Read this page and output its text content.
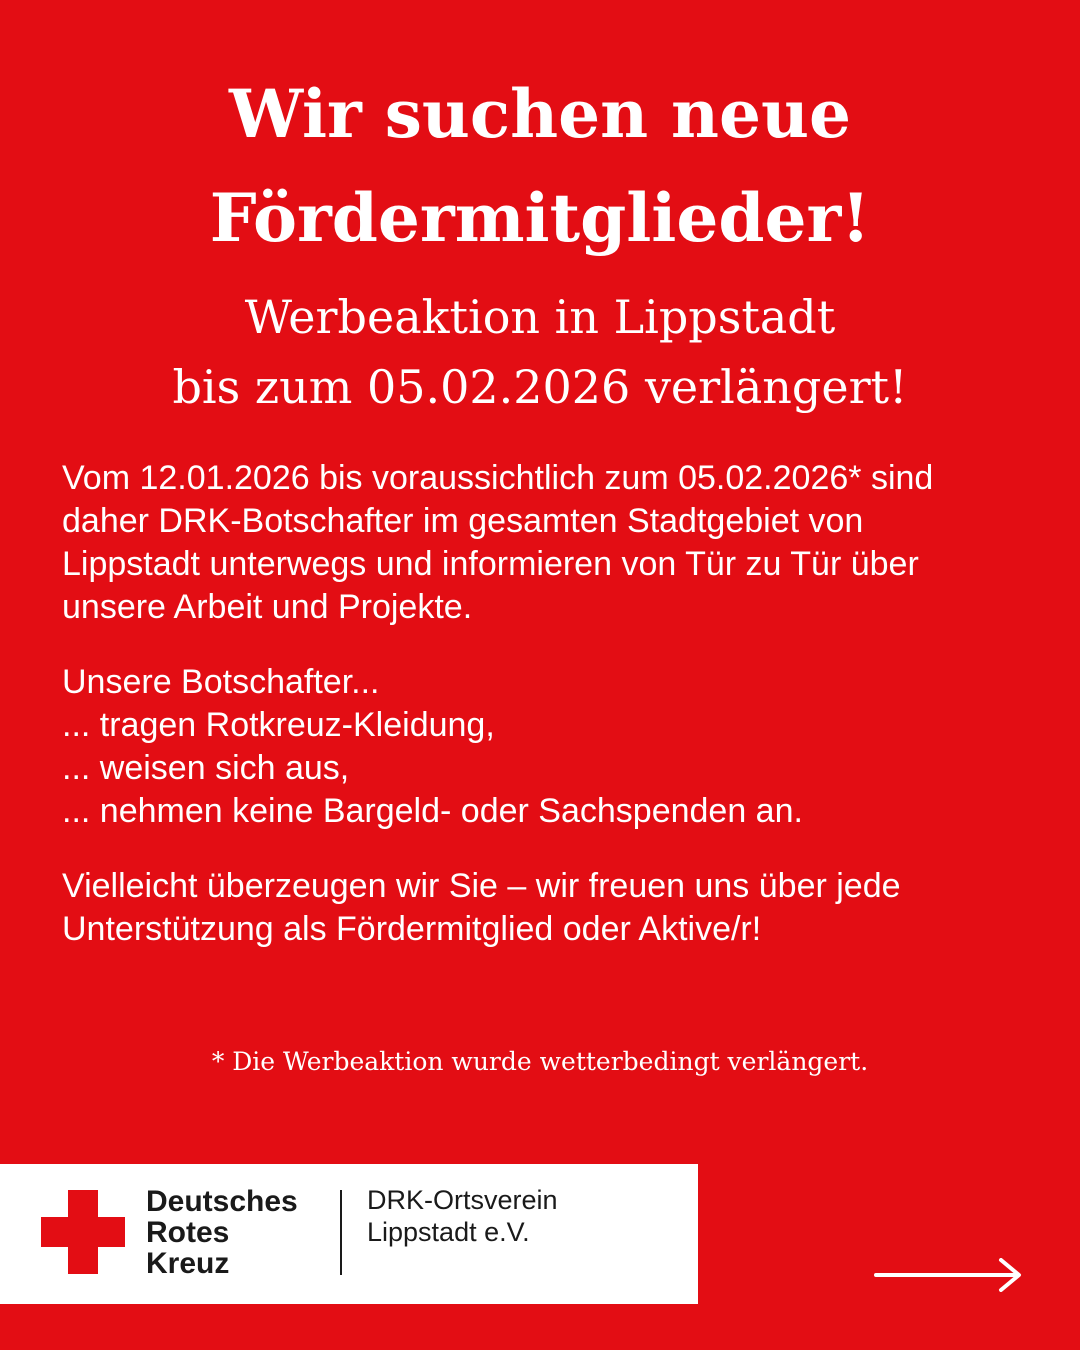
Wir suchen neue
Fördermitglieder!
Werbeaktion in Lippstadt
bis zum 05.02.2026 verlängert!
Vom 12.01.2026 bis voraussichtlich zum 05.02.2026* sind
daher DRK-Botschafter im gesamten Stadtgebiet von
Lippstadt unterwegs und informieren von Tür zu Tür über
unsere Arbeit und Projekte.
Unsere Botschafter...
... tragen Rotkreuz-Kleidung,
... weisen sich aus,
... nehmen keine Bargeld- oder Sachspenden an.
Vielleicht überzeugen wir Sie – wir freuen uns über jede
Unterstützung als Fördermitglied oder Aktive/r!
* Die Werbeaktion wurde wetterbedingt verlängert.
Deutsches
Rotes
Kreuz
DRK-Ortsverein
Lippstadt e.V.
